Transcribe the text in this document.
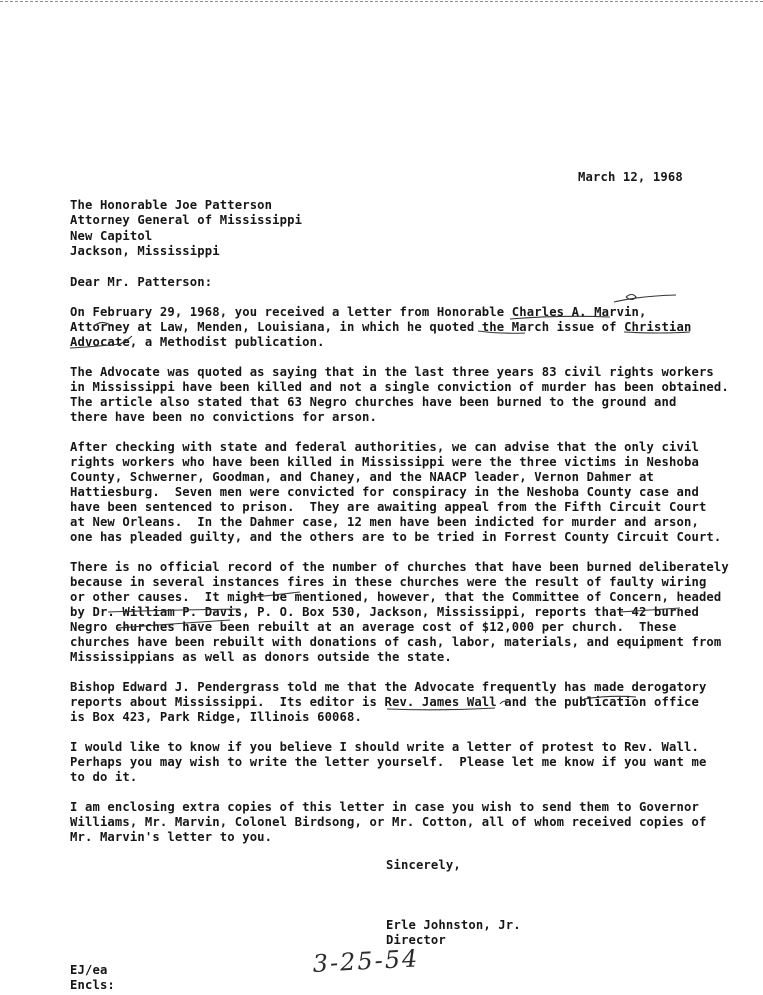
March 12, 1968

The Honorable Joe Patterson

Attorney General of Mississippi

New Capitol

Jackson, Mississippi

Dear Mr. Patterson:

On February 29, 1968, you received a letter from Honorable Charles A. Marvin,

Attorney at Law, Menden, Louisiana, in which he quoted the March issue of Christian

Advocate, a Methodist publication.

The Advocate was quoted as saying that in the last three years 83 civil rights workers

in Mississippi have been killed and not a single conviction of murder has been obtained.

The article also stated that 63 Negro churches have been burned to the ground and

there have been no convictions for arson.

After checking with state and federal authorities, we can advise that the only civil

rights workers who have been killed in Mississippi were the three victims in Neshoba

County, Schwerner, Goodman, and Chaney, and the NAACP leader, Vernon Dahmer at

Hattiesburg.  Seven men were convicted for conspiracy in the Neshoba County case and

have been sentenced to prison.  They are awaiting appeal from the Fifth Circuit Court

at New Orleans.  In the Dahmer case, 12 men have been indicted for murder and arson,

one has pleaded guilty, and the others are to be tried in Forrest County Circuit Court.

There is no official record of the number of churches that have been burned deliberately

because in several instances fires in these churches were the result of faulty wiring

or other causes.  It might be mentioned, however, that the Committee of Concern, headed

by Dr. William P. Davis, P. O. Box 530, Jackson, Mississippi, reports that 42 burned

Negro churches have been rebuilt at an average cost of $12,000 per church.  These

churches have been rebuilt with donations of cash, labor, materials, and equipment from

Mississippians as well as donors outside the state.

Bishop Edward J. Pendergrass told me that the Advocate frequently has made derogatory

reports about Mississippi.  Its editor is Rev. James Wall and the publication office

is Box 423, Park Ridge, Illinois 60068.

I would like to know if you believe I should write a letter of protest to Rev. Wall.

Perhaps you may wish to write the letter yourself.  Please let me know if you want me

to do it.

I am enclosing extra copies of this letter in case you wish to send them to Governor

Williams, Mr. Marvin, Colonel Birdsong, or Mr. Cotton, all of whom received copies of

Mr. Marvin's letter to you.

Sincerely,

Erle Johnston, Jr.

Director

3-25-54

EJ/ea

Encls:
